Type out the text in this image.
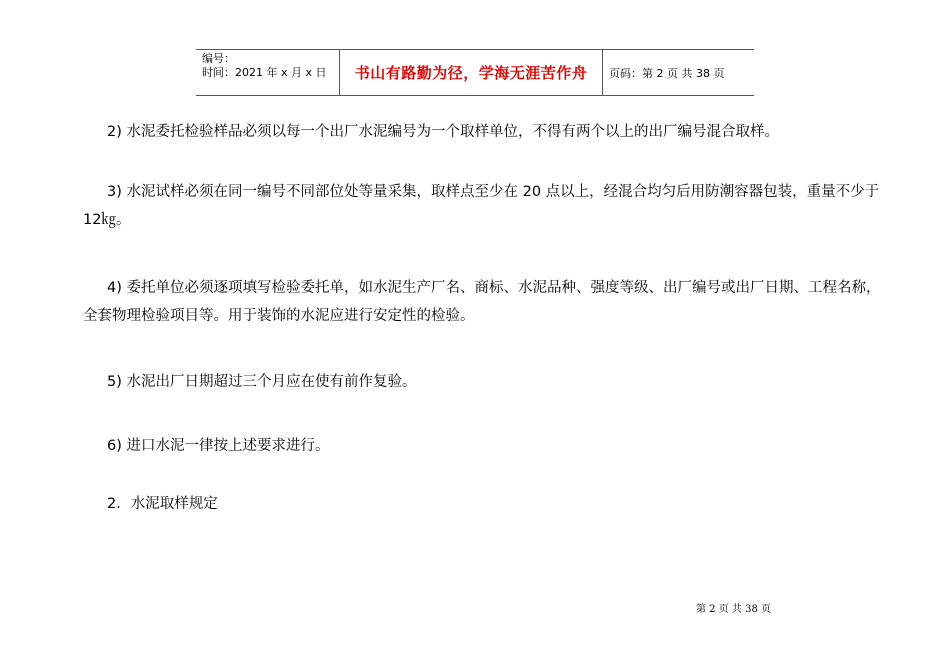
编号：
时间：2021 年 x 月 x 日	书山有路勤为径，学海无涯苦作舟	页码：第 2 页 共 38 页

2) 水泥委托检验样品必须以每一个出厂水泥编号为一个取样单位，不得有两个以上的出厂编号混合取样。

3) 水泥试样必须在同一编号不同部位处等量采集，取样点至少在 20 点以上，经混合均匀后用防潮容器包装，重量不少于 12㎏。

4) 委托单位必须逐项填写检验委托单，如水泥生产厂名、商标、水泥品种、强度等级、出厂编号或出厂日期、工程名称，全套物理检验项目等。用于装饰的水泥应进行安定性的检验。

5) 水泥出厂日期超过三个月应在使有前作复验。

6) 进口水泥一律按上述要求进行。

2．水泥取样规定

第 2 页 共 38 页
